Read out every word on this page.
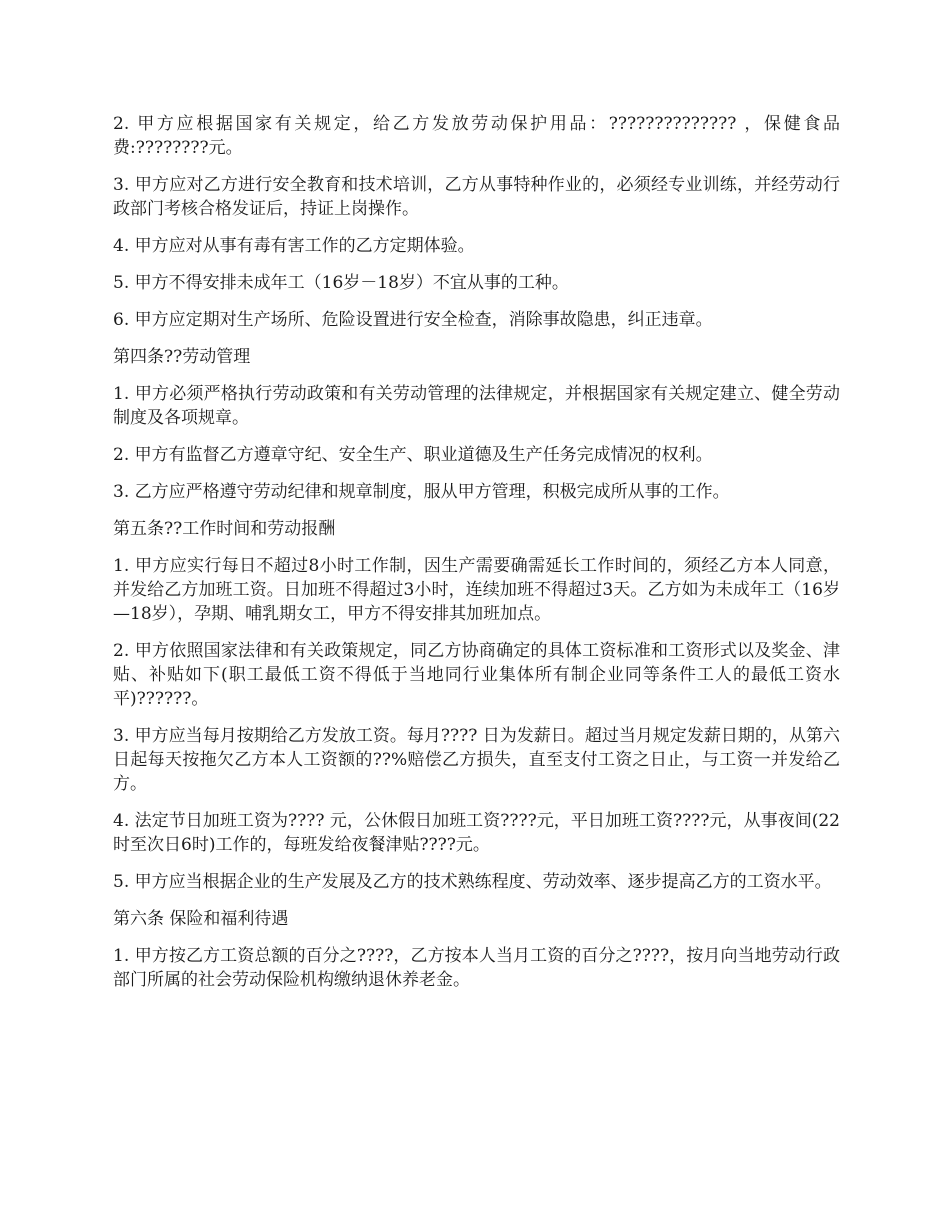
2. 甲方应根据国家有关规定，给乙方发放劳动保护用品：?????????????? ，保健食品费:????????元。

3. 甲方应对乙方进行安全教育和技术培训，乙方从事特种作业的，必须经专业训练，并经劳动行政部门考核合格发证后，持证上岗操作。

4. 甲方应对从事有毒有害工作的乙方定期体验。

5. 甲方不得安排未成年工（16岁－18岁）不宜从事的工种。

6. 甲方应定期对生产场所、危险设置进行安全检查，消除事故隐患，纠正违章。

第四条??劳动管理

1. 甲方必须严格执行劳动政策和有关劳动管理的法律规定，并根据国家有关规定建立、健全劳动制度及各项规章。

2. 甲方有监督乙方遵章守纪、安全生产、职业道德及生产任务完成情况的权利。

3. 乙方应严格遵守劳动纪律和规章制度，服从甲方管理，积极完成所从事的工作。

第五条??工作时间和劳动报酬

1. 甲方应实行每日不超过8小时工作制，因生产需要确需延长工作时间的，须经乙方本人同意，并发给乙方加班工资。日加班不得超过3小时，连续加班不得超过3天。乙方如为未成年工（16岁—18岁），孕期、哺乳期女工，甲方不得安排其加班加点。

2. 甲方依照国家法律和有关政策规定，同乙方协商确定的具体工资标准和工资形式以及奖金、津贴、补贴如下(职工最低工资不得低于当地同行业集体所有制企业同等条件工人的最低工资水平)??????。

3. 甲方应当每月按期给乙方发放工资。每月???? 日为发薪日。超过当月规定发薪日期的，从第六日起每天按拖欠乙方本人工资额的??%赔偿乙方损失，直至支付工资之日止，与工资一并发给乙方。

4. 法定节日加班工资为???? 元，公休假日加班工资????元，平日加班工资????元，从事夜间(22时至次日6时)工作的，每班发给夜餐津贴????元。

5. 甲方应当根据企业的生产发展及乙方的技术熟练程度、劳动效率、逐步提高乙方的工资水平。

第六条 保险和福利待遇

1. 甲方按乙方工资总额的百分之????，乙方按本人当月工资的百分之????，按月向当地劳动行政部门所属的社会劳动保险机构缴纳退休养老金。
